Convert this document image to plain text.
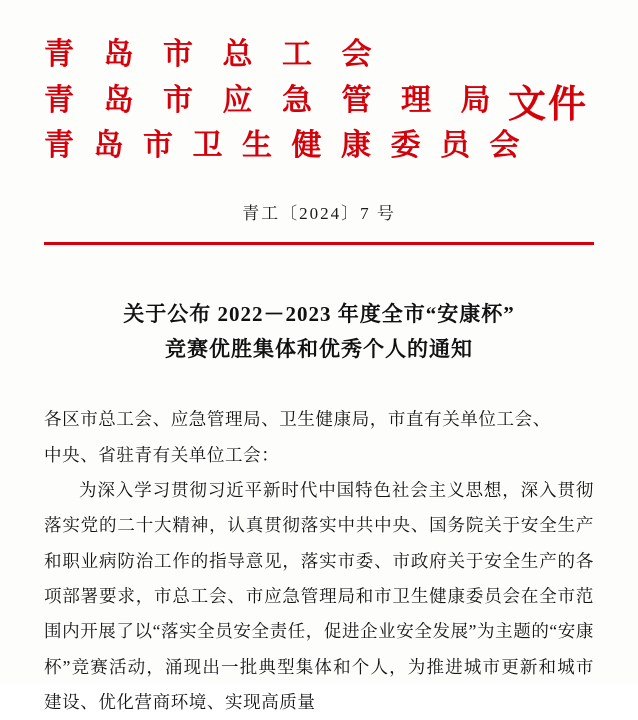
青 岛 市 总 工 会
青 岛 市 应 急 管 理 局
青 岛 市 卫 生 健 康 委 员 会
文件
青工〔2024〕7 号
关于公布 2022－2023 年度全市“安康杯”
竞赛优胜集体和优秀个人的通知

各区市总工会、应急管理局、卫生健康局，市直有关单位工会、

中央、省驻青有关单位工会：

为深入学习贯彻习近平新时代中国特色社会主义思想，深入贯彻落实党的二十大精神，认真贯彻落实中共中央、国务院关于安全生产和职业病防治工作的指导意见，落实市委、市政府关于安全生产的各项部署要求，市总工会、市应急管理局和市卫生健康委员会在全市范围内开展了以“落实全员安全责任，促进企业安全发展”为主题的“安康杯”竞赛活动，涌现出一批典型集体和个人，为推进城市更新和城市建设、优化营商环境、实现高质量
